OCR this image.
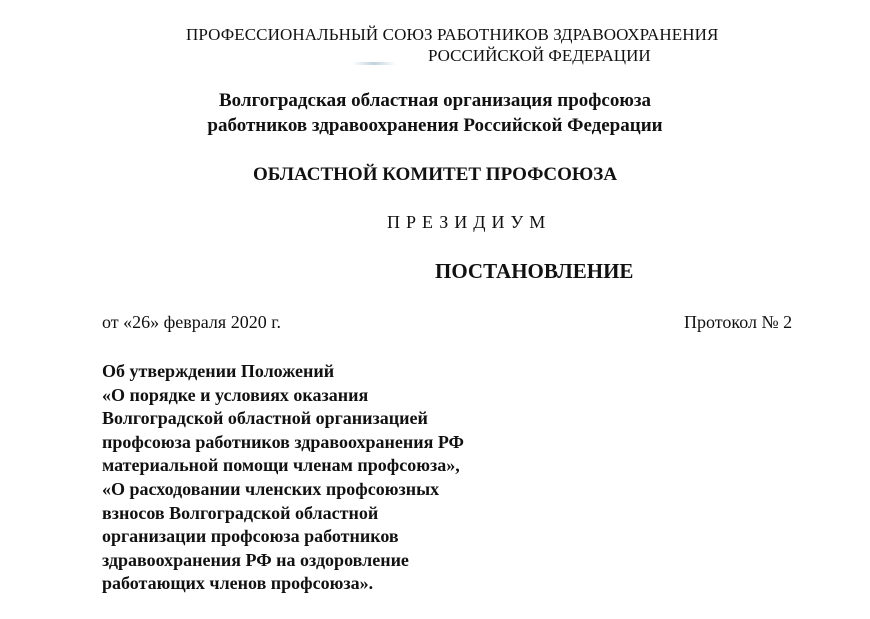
ПРОФЕССИОНАЛЬНЫЙ СОЮЗ РАБОТНИКОВ ЗДРАВООХРАНЕНИЯ

РОССИЙСКОЙ ФЕДЕРАЦИИ

Волгоградская областная организация профсоюза

работников здравоохранения Российской Федерации

ОБЛАСТНОЙ КОМИТЕТ ПРОФСОЮЗА

ПРЕЗИДИУМ

ПОСТАНОВЛЕНИЕ

от «26» февраля 2020 г.	Протокол № 2

Об утверждении Положений
«О порядке и условиях оказания
Волгоградской областной организацией
профсоюза работников здравоохранения РФ
материальной помощи членам профсоюза»,
«О расходовании членских профсоюзных
взносов Волгоградской областной
организации профсоюза работников
здравоохранения РФ на оздоровление
работающих членов профсоюза».
